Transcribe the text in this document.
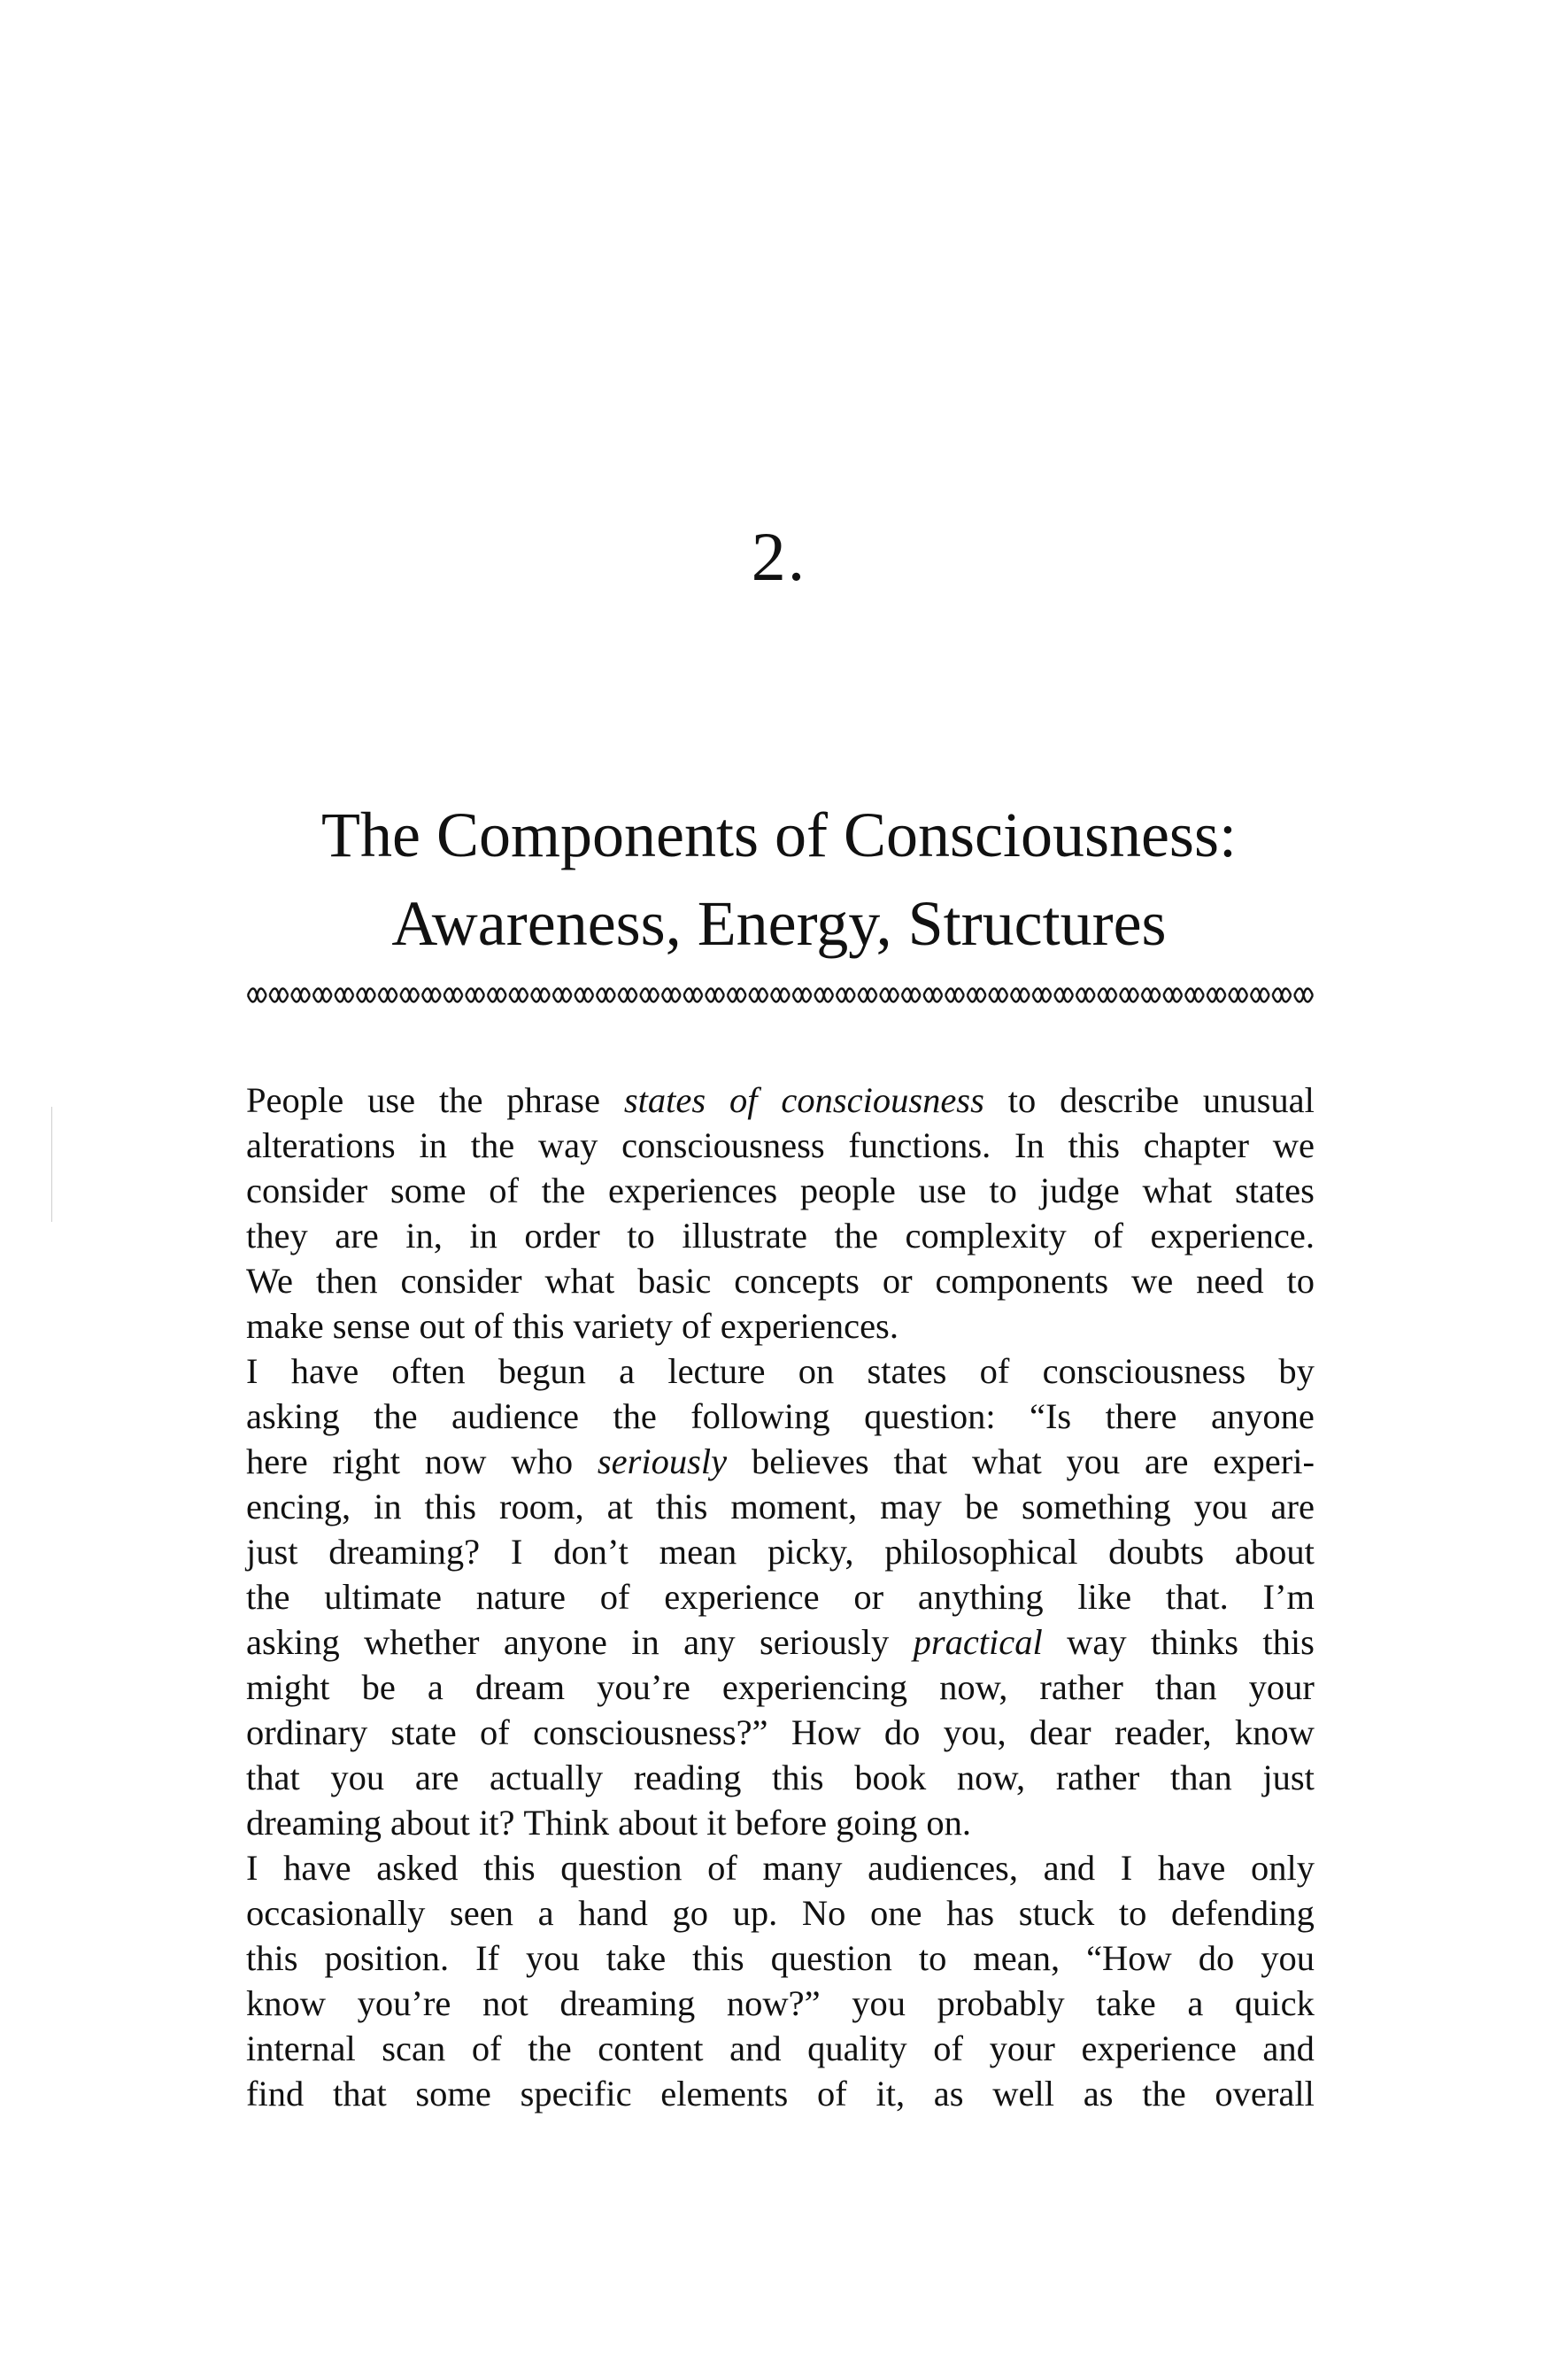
2.
The Components of Consciousness:
Awareness, Energy, Structures
People use the phrase states of consciousness to describe unusual
alterations in the way consciousness functions. In this chapter we
consider some of the experiences people use to judge what states
they are in, in order to illustrate the complexity of experience.
We then consider what basic concepts or components we need to
make sense out of this variety of experiences.
I have often begun a lecture on states of consciousness by
asking the audience the following question: “Is there anyone
here right now who seriously believes that what you are experi-
encing, in this room, at this moment, may be something you are
just dreaming? I don’t mean picky, philosophical doubts about
the ultimate nature of experience or anything like that. I’m
asking whether anyone in any seriously practical way thinks this
might be a dream you’re experiencing now, rather than your
ordinary state of consciousness?” How do you, dear reader, know
that you are actually reading this book now, rather than just
dreaming about it? Think about it before going on.
I have asked this question of many audiences, and I have only
occasionally seen a hand go up. No one has stuck to defending
this position. If you take this question to mean, “How do you
know you’re not dreaming now?” you probably take a quick
internal scan of the content and quality of your experience and
find that some specific elements of it, as well as the overall
